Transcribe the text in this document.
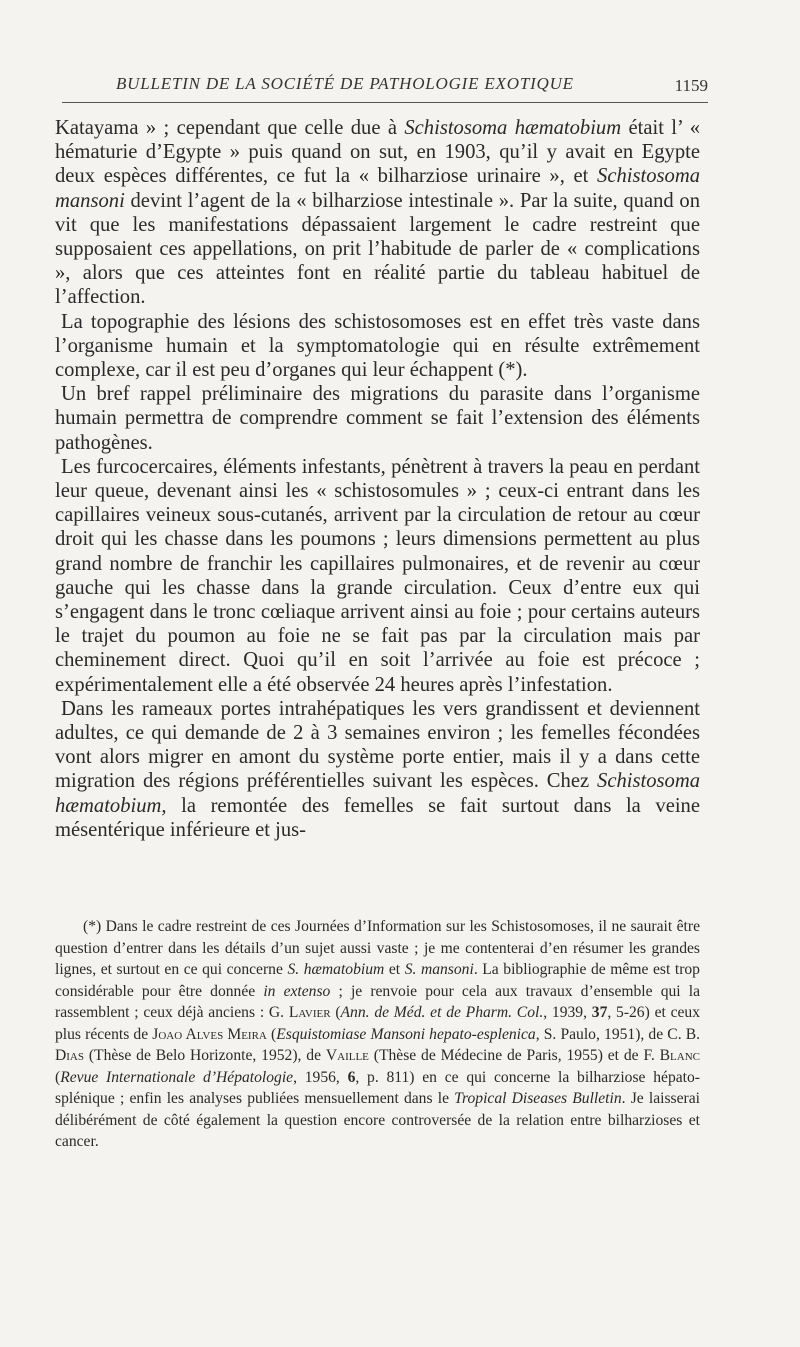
BULLETIN DE LA SOCIÉTÉ DE PATHOLOGIE EXOTIQUE	1159

Katayama » ; cependant que celle due à Schistosoma hæmatobium était l’ « hématurie d’Egypte » puis quand on sut, en 1903, qu’il y avait en Egypte deux espèces différentes, ce fut la « bilharziose urinaire », et Schistosoma mansoni devint l’agent de la « bilharziose intestinale ». Par la suite, quand on vit que les manifestations dépassaient largement le cadre restreint que supposaient ces appellations, on prit l’habitude de parler de « complications », alors que ces atteintes font en réalité partie du tableau habituel de l’affection.

La topographie des lésions des schistosomoses est en effet très vaste dans l’organisme humain et la symptomatologie qui en résulte extrêmement complexe, car il est peu d’organes qui leur échappent (*).

Un bref rappel préliminaire des migrations du parasite dans l’organisme humain permettra de comprendre comment se fait l’extension des éléments pathogènes.

Les furcocercaires, éléments infestants, pénètrent à travers la peau en perdant leur queue, devenant ainsi les « schistosomules » ; ceux-ci entrant dans les capillaires veineux sous-cutanés, arrivent par la circulation de retour au cœur droit qui les chasse dans les poumons ; leurs dimensions permettent au plus grand nombre de franchir les capillaires pulmonaires, et de revenir au cœur gauche qui les chasse dans la grande circulation. Ceux d’entre eux qui s’engagent dans le tronc cœliaque arrivent ainsi au foie ; pour certains auteurs le trajet du poumon au foie ne se fait pas par la circulation mais par cheminement direct. Quoi qu’il en soit l’arrivée au foie est précoce ; expérimentalement elle a été observée 24 heures après l’infestation.

Dans les rameaux portes intrahépatiques les vers grandissent et deviennent adultes, ce qui demande de 2 à 3 semaines environ ; les femelles fécondées vont alors migrer en amont du système porte entier, mais il y a dans cette migration des régions préférentielles suivant les espèces. Chez Schistosoma hæmatobium, la remontée des femelles se fait surtout dans la veine mésentérique inférieure et jus-

(*) Dans le cadre restreint de ces Journées d’Information sur les Schistosomoses, il ne saurait être question d’entrer dans les détails d’un sujet aussi vaste ; je me contenterai d’en résumer les grandes lignes, et surtout en ce qui concerne S. hæmatobium et S. mansoni. La bibliographie de même est trop considérable pour être donnée in extenso ; je renvoie pour cela aux travaux d’ensemble qui la rassemblent ; ceux déjà anciens : G. Lavier (Ann. de Méd. et de Pharm. Col., 1939, 37, 5-26) et ceux plus récents de Joao Alves Meira (Esquistomiase Mansoni hepato-esplenica, S. Paulo, 1951), de C. B. Dias (Thèse de Belo Horizonte, 1952), de Vaille (Thèse de Médecine de Paris, 1955) et de F. Blanc (Revue Internationale d’Hépatologie, 1956, 6, p. 811) en ce qui concerne la bilharziose hépato-splénique ; enfin les analyses publiées mensuellement dans le Tropical Diseases Bulletin. Je laisserai délibérément de côté également la question encore controversée de la relation entre bilharzioses et cancer.
